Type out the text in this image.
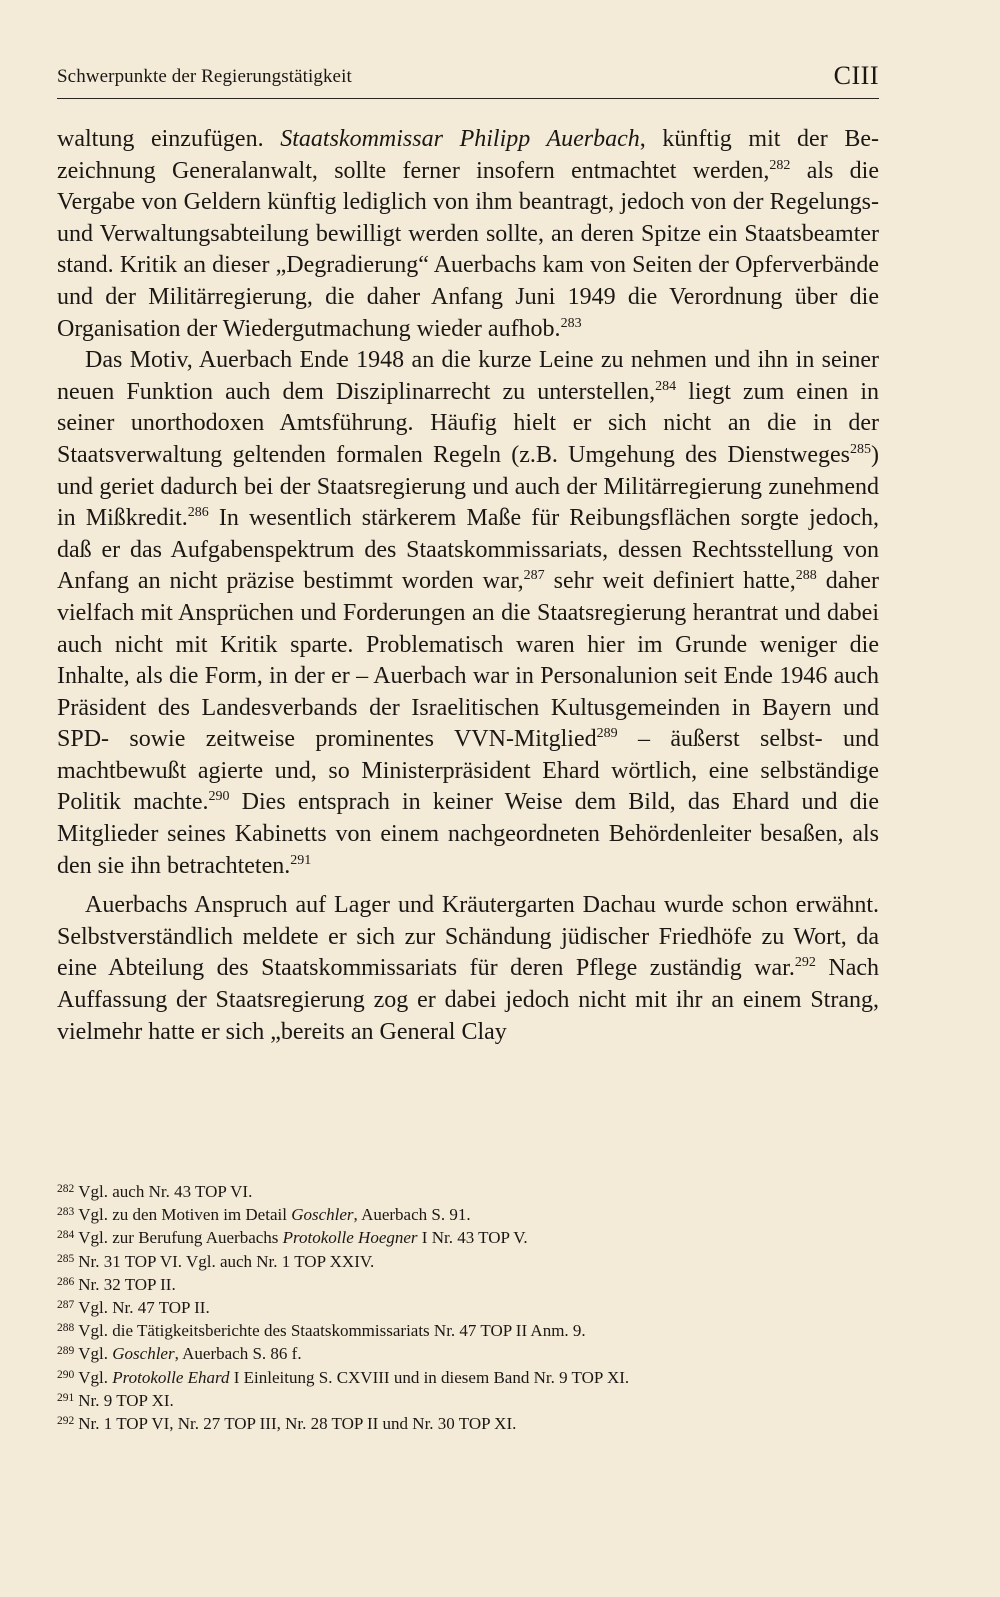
Schwerpunkte der Regierungstätigkeit	CIII

waltung einzufügen. Staatskommissar Philipp Auerbach, künftig mit der Bezeichnung Generalanwalt, sollte ferner insofern entmachtet werden,$^{282}$ als die Vergabe von Geldern künftig lediglich von ihm beantragt, jedoch von der Regelungs- und Verwaltungsabteilung bewilligt werden sollte, an deren Spitze ein Staatsbeamter stand. Kritik an dieser „Degradierung“ Auerbachs kam von Seiten der Opferverbände und der Militärregierung, die daher Anfang Juni 1949 die Verordnung über die Organisation der Wiedergutmachung wieder aufhob.$^{283}$

Das Motiv, Auerbach Ende 1948 an die kurze Leine zu nehmen und ihn in seiner neuen Funktion auch dem Disziplinarrecht zu unterstellen,$^{284}$ liegt zum einen in seiner unorthodoxen Amtsführung. Häufig hielt er sich nicht an die in der Staatsverwaltung geltenden formalen Regeln (z.B. Umgehung des Dienstweges$^{285}$) und geriet dadurch bei der Staatsregierung und auch der Militärregierung zunehmend in Mißkredit.$^{286}$ In wesentlich stärkerem Maße für Reibungsflächen sorgte jedoch, daß er das Aufgabenspektrum des Staatskommissariats, dessen Rechtsstellung von Anfang an nicht präzise bestimmt worden war,$^{287}$ sehr weit definiert hatte,$^{288}$ daher vielfach mit Ansprüchen und Forderungen an die Staatsregierung herantrat und dabei auch nicht mit Kritik sparte. Problematisch waren hier im Grunde weniger die Inhalte, als die Form, in der er – Auerbach war in Personalunion seit Ende 1946 auch Präsident des Landesverbands der Israelitischen Kultusgemeinden in Bayern und SPD- sowie zeitweise prominentes VVN-Mitglied$^{289}$ – äußerst selbst- und machtbewußt agierte und, so Ministerpräsident Ehard wörtlich, eine selbständige Politik machte.$^{290}$ Dies entsprach in keiner Weise dem Bild, das Ehard und die Mitglieder seines Kabinetts von einem nachgeordneten Behördenleiter besaßen, als den sie ihn betrachteten.$^{291}$

Auerbachs Anspruch auf Lager und Kräutergarten Dachau wurde schon erwähnt. Selbstverständlich meldete er sich zur Schändung jüdischer Friedhöfe zu Wort, da eine Abteilung des Staatskommissariats für deren Pflege zuständig war.$^{292}$ Nach Auffassung der Staatsregierung zog er dabei jedoch nicht mit ihr an einem Strang, vielmehr hatte er sich „bereits an General Clay

$^{282}$ Vgl. auch Nr. 43 TOP VI.

$^{283}$ Vgl. zu den Motiven im Detail Goschler, Auerbach S. 91.

$^{284}$ Vgl. zur Berufung Auerbachs Protokolle Hoegner I Nr. 43 TOP V.

$^{285}$ Nr. 31 TOP VI. Vgl. auch Nr. 1 TOP XXIV.

$^{286}$ Nr. 32 TOP II.

$^{287}$ Vgl. Nr. 47 TOP II.

$^{288}$ Vgl. die Tätigkeitsberichte des Staatskommissariats Nr. 47 TOP II Anm. 9.

$^{289}$ Vgl. Goschler, Auerbach S. 86 f.

$^{290}$ Vgl. Protokolle Ehard I Einleitung S. CXVIII und in diesem Band Nr. 9 TOP XI.

$^{291}$ Nr. 9 TOP XI.

$^{292}$ Nr. 1 TOP VI, Nr. 27 TOP III, Nr. 28 TOP II und Nr. 30 TOP XI.
